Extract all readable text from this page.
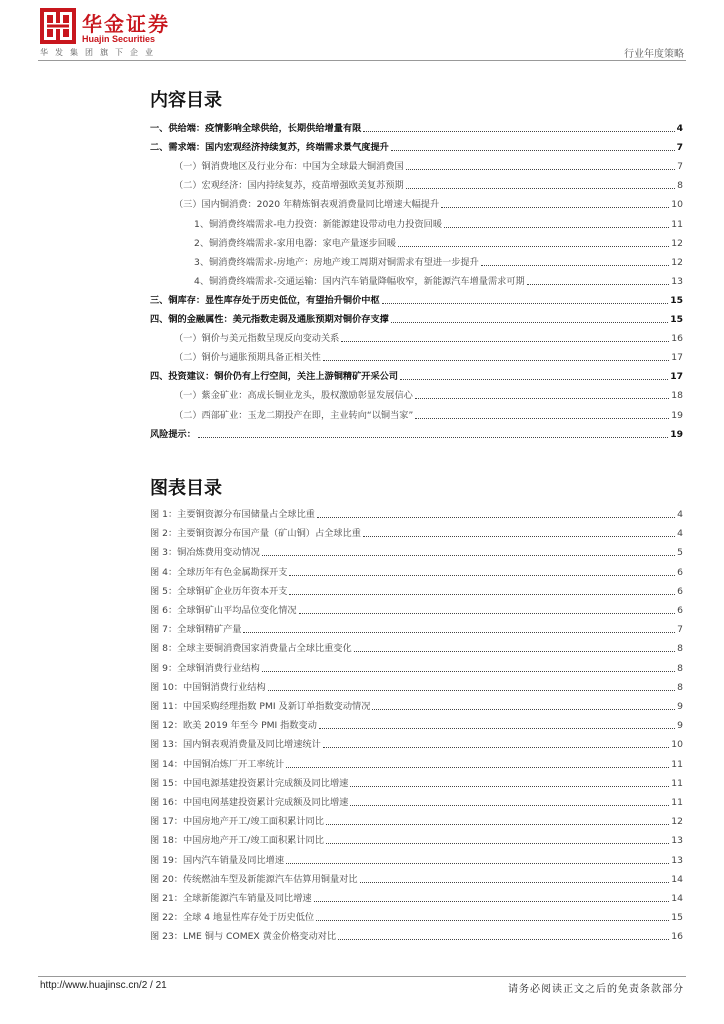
华金证券
Huajin Securities
华发集团旗下企业	行业年度策略
内容目录
一、供给端：疫情影响全球供给，长期供给增量有限	4
二、需求端：国内宏观经济持续复苏，终端需求景气度提升	7
（一）铜消费地区及行业分布：中国为全球最大铜消费国	7
（二）宏观经济：国内持续复苏，疫苗增强欧美复苏预期	8
（三）国内铜消费：2020 年精炼铜表观消费量同比增速大幅提升	10
1、铜消费终端需求-电力投资：新能源建设带动电力投资回暖	11
2、铜消费终端需求-家用电器：家电产量逐步回暖	12
3、铜消费终端需求-房地产：房地产竣工周期对铜需求有望进一步提升	12
4、铜消费终端需求-交通运输：国内汽车销量降幅收窄，新能源汽车增量需求可期	13
三、铜库存：显性库存处于历史低位，有望抬升铜价中枢	15
四、铜的金融属性：美元指数走弱及通胀预期对铜价存支撑	15
（一）铜价与美元指数呈现反向变动关系	16
（二）铜价与通胀预期具备正相关性	17
四、投资建议：铜价仍有上行空间，关注上游铜精矿开采公司	17
（一）紫金矿业：高成长铜业龙头，股权激励彰显发展信心	18
（二）西部矿业：玉龙二期投产在即，主业转向“以铜当家”	19
风险提示：	19
图表目录
图 1：主要铜资源分布国储量占全球比重	4
图 2：主要铜资源分布国产量（矿山铜）占全球比重	4
图 3：铜冶炼费用变动情况	5
图 4：全球历年有色金属勘探开支	6
图 5：全球铜矿企业历年资本开支	6
图 6：全球铜矿山平均品位变化情况	6
图 7：全球铜精矿产量	7
图 8：全球主要铜消费国家消费量占全球比重变化	8
图 9：全球铜消费行业结构	8
图 10：中国铜消费行业结构	8
图 11：中国采购经理指数 PMI 及新订单指数变动情况	9
图 12：欧美 2019 年至今 PMI 指数变动	9
图 13：国内铜表观消费量及同比增速统计	10
图 14：中国铜冶炼厂开工率统计	11
图 15：中国电源基建投资累计完成额及同比增速	11
图 16：中国电网基建投资累计完成额及同比增速	11
图 17：中国房地产开工/竣工面积累计同比	12
图 18：中国房地产开工/竣工面积累计同比	13
图 19：国内汽车销量及同比增速	13
图 20：传统燃油车型及新能源汽车估算用铜量对比	14
图 21：全球新能源汽车销量及同比增速	14
图 22：全球 4 地显性库存处于历史低位	15
图 23：LME 铜与 COMEX 黄金价格变动对比	16
http://www.huajinsc.cn/2 / 21	请务必阅读正文之后的免责条款部分
